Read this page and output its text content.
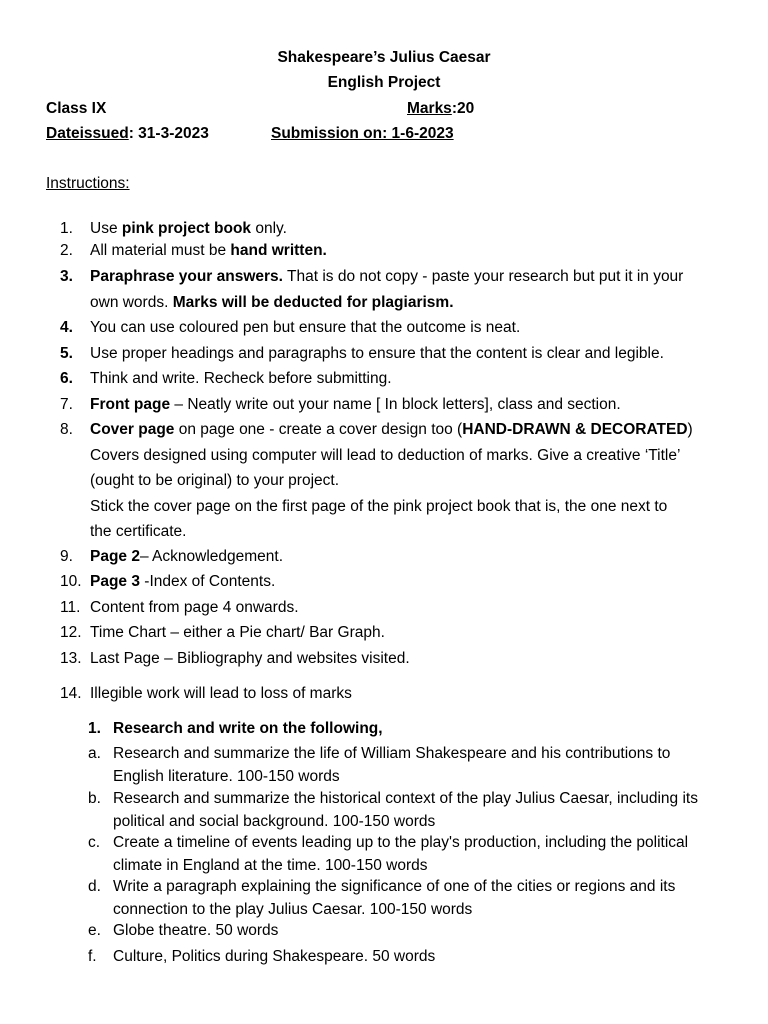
Shakespeare’s Julius Caesar
English Project
Class IX	Marks:20
Dateissued: 31-3-2023	Submission on: 1-6-2023
Instructions:
1.	Use pink project book only.
2.	All material must be hand written.
3.	Paraphrase your answers. That is do not copy - paste your research but put it in your
own words. Marks will be deducted for plagiarism.
4.	You can use coloured pen but ensure that the outcome is neat.
5.	Use proper headings and paragraphs to ensure that the content is clear and legible.
6.	Think and write. Recheck before submitting.
7.	Front page – Neatly write out your name [ In block letters], class and section.
8.	Cover page on page one - create a cover design too (HAND-DRAWN & DECORATED)
Covers designed using computer will lead to deduction of marks. Give a creative ‘Title’
(ought to be original) to your project.
Stick the cover page on the first page of the pink project book that is, the one next to
the certificate.
9.	Page 2– Acknowledgement.
10. Page 3 -Index of Contents.
11. Content from page 4 onwards.
12. Time Chart – either a Pie chart/ Bar Graph.
13. Last Page – Bibliography and websites visited.
14. Illegible work will lead to loss of marks
1. Research and write on the following,
a. Research and summarize the life of William Shakespeare and his contributions to
English literature. 100-150 words
b. Research and summarize the historical context of the play Julius Caesar, including its
political and social background. 100-150 words
c. Create a timeline of events leading up to the play's production, including the political
climate in England at the time. 100-150 words
d. Write a paragraph explaining the significance of one of the cities or regions and its
connection to the play Julius Caesar. 100-150 words
e. Globe theatre. 50 words
f.	Culture, Politics during Shakespeare. 50 words
